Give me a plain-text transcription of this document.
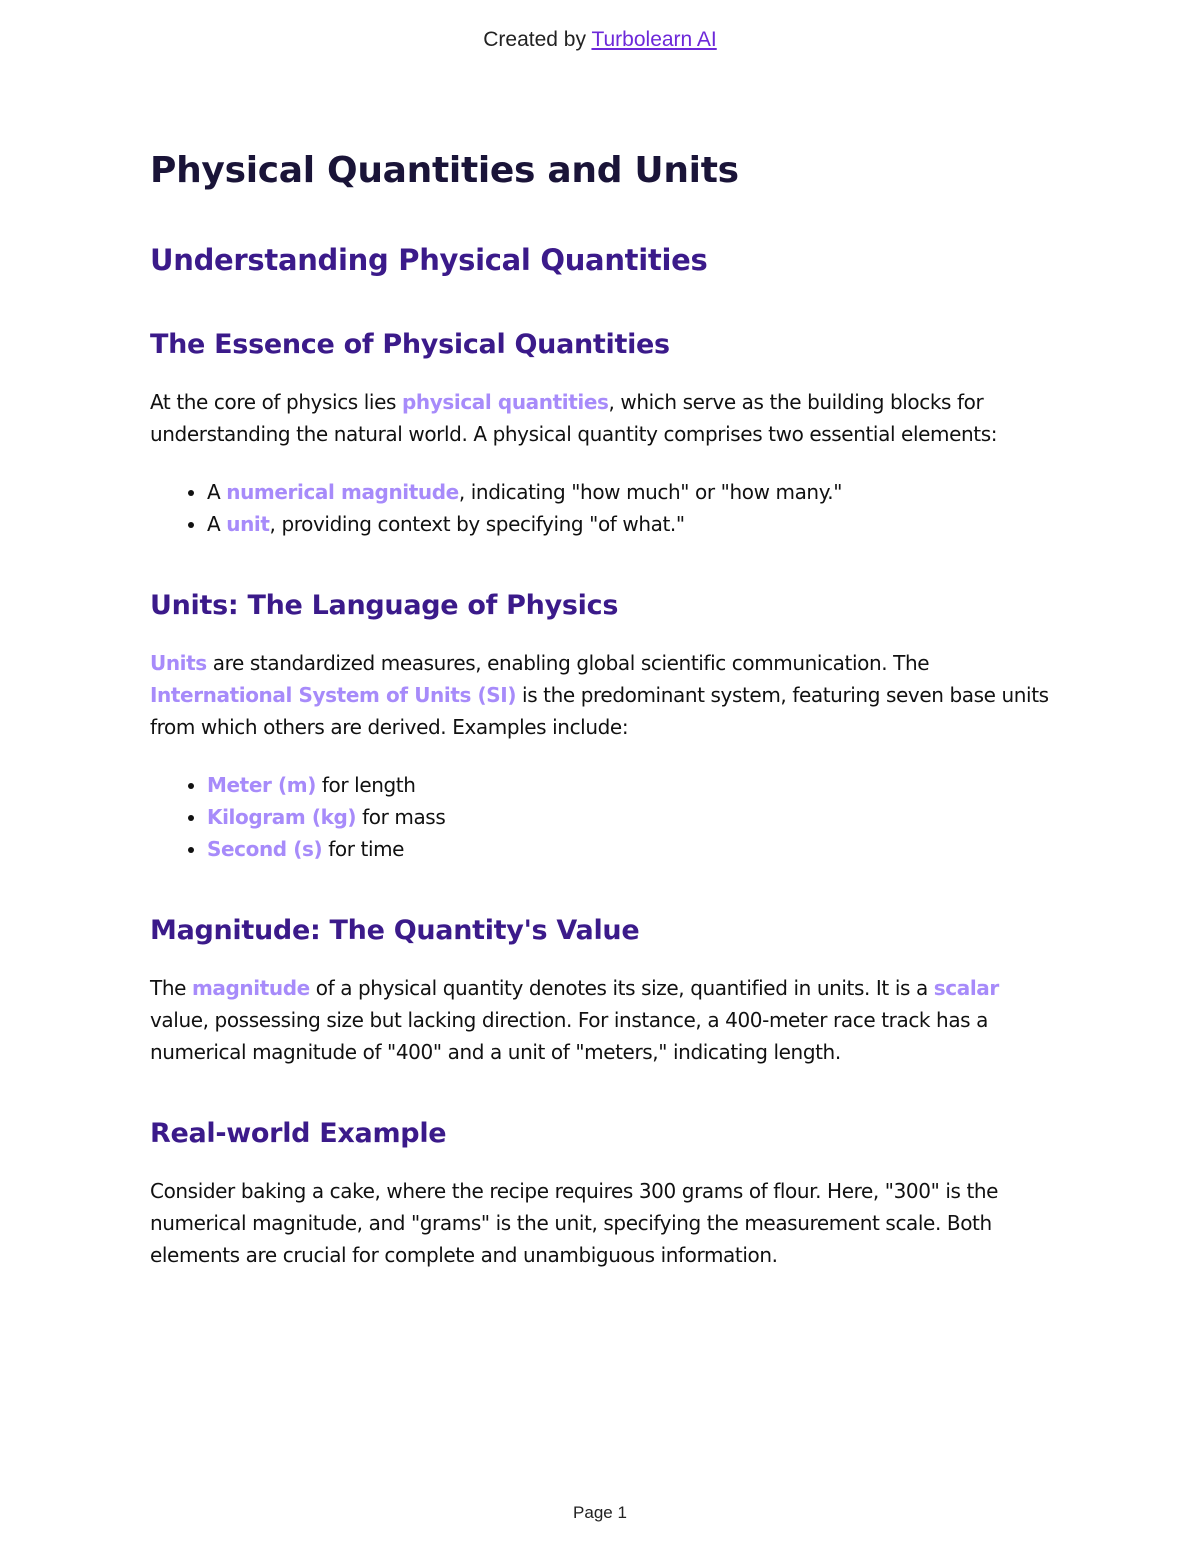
Created by Turbolearn AI
Physical Quantities and Units
Understanding Physical Quantities
The Essence of Physical Quantities

At the core of physics lies physical quantities, which serve as the building blocks for understanding the natural world. A physical quantity comprises two essential elements:

• A numerical magnitude, indicating "how much" or "how many."
• A unit, providing context by specifying "of what."
Units: The Language of Physics

Units are standardized measures, enabling global scientific communication. The International System of Units (SI) is the predominant system, featuring seven base units from which others are derived. Examples include:

• Meter (m) for length
• Kilogram (kg) for mass
• Second (s) for time
Magnitude: The Quantity's Value

The magnitude of a physical quantity denotes its size, quantified in units. It is a scalar value, possessing size but lacking direction. For instance, a 400-meter race track has a numerical magnitude of "400" and a unit of "meters," indicating length.

Real-world Example

Consider baking a cake, where the recipe requires 300 grams of flour. Here, "300" is the numerical magnitude, and "grams" is the unit, specifying the measurement scale. Both elements are crucial for complete and unambiguous information.

Page 1
